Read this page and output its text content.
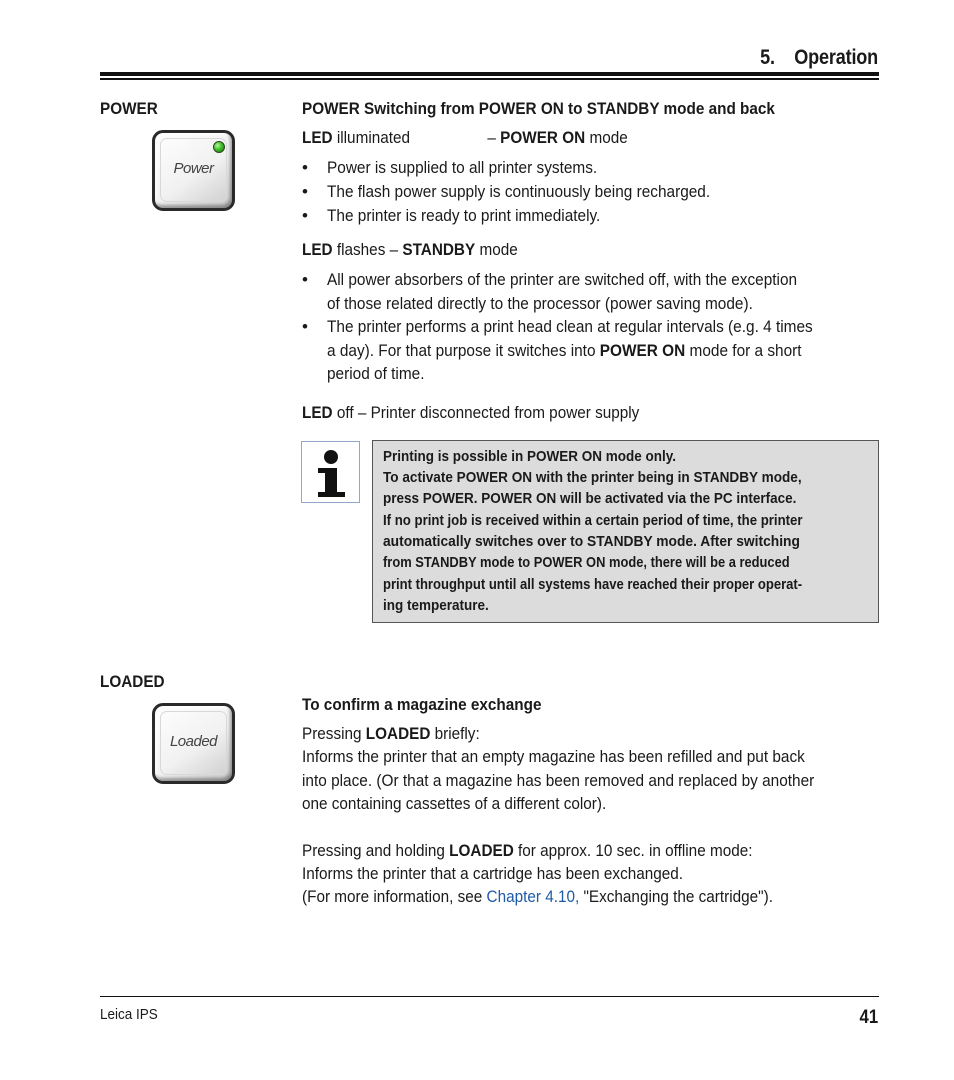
5.    Operation
POWER
Power
POWER Switching from POWER ON to STANDBY mode and back
LED illuminated	– POWER ON mode
• Power is supplied to all printer systems.
• The flash power supply is continuously being recharged.
• The printer is ready to print immediately.
LED flashes – STANDBY mode
• All power absorbers of the printer are switched off, with the exception
of those related directly to the processor (power saving mode).
• The printer performs a print head clean at regular intervals (e.g. 4 times
a day). For that purpose it switches into POWER ON mode for a short
period of time.
LED off – Printer disconnected from power supply
Printing is possible in POWER ON mode only.
To activate POWER ON with the printer being in STANDBY mode,
press POWER. POWER ON will be activated via the PC interface.
If no print job is received within a certain period of time, the printer
automatically switches over to STANDBY mode. After switching
from STANDBY mode to POWER ON mode, there will be a reduced
print throughput until all systems have reached their proper operat-
ing temperature.
LOADED
Loaded
To confirm a magazine exchange
Pressing LOADED briefly:
Informs the printer that an empty magazine has been refilled and put back
into place. (Or that a magazine has been removed and replaced by another
one containing cassettes of a different color).
Pressing and holding LOADED for approx. 10 sec. in offline mode:
Informs the printer that a cartridge has been exchanged.
(For more information, see Chapter 4.10, "Exchanging the cartridge").
Leica IPS	41
